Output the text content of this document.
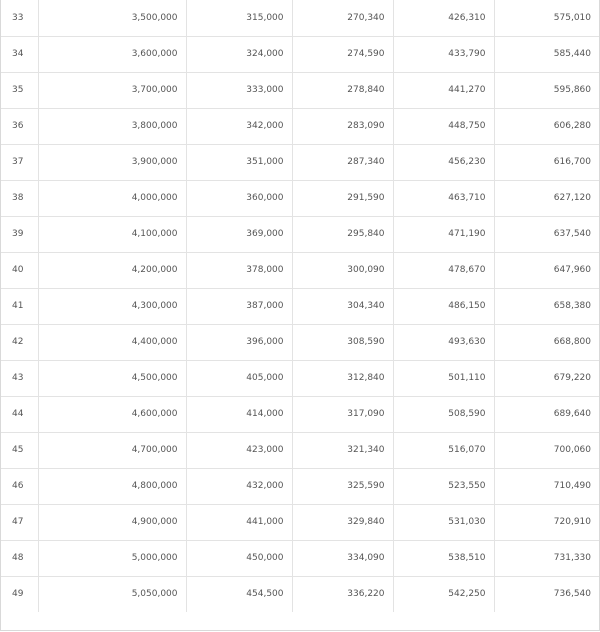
33	3,500,000	315,000	270,340	426,310	575,010
34	3,600,000	324,000	274,590	433,790	585,440
35	3,700,000	333,000	278,840	441,270	595,860
36	3,800,000	342,000	283,090	448,750	606,280
37	3,900,000	351,000	287,340	456,230	616,700
38	4,000,000	360,000	291,590	463,710	627,120
39	4,100,000	369,000	295,840	471,190	637,540
40	4,200,000	378,000	300,090	478,670	647,960
41	4,300,000	387,000	304,340	486,150	658,380
42	4,400,000	396,000	308,590	493,630	668,800
43	4,500,000	405,000	312,840	501,110	679,220
44	4,600,000	414,000	317,090	508,590	689,640
45	4,700,000	423,000	321,340	516,070	700,060
46	4,800,000	432,000	325,590	523,550	710,490
47	4,900,000	441,000	329,840	531,030	720,910
48	5,000,000	450,000	334,090	538,510	731,330
49	5,050,000	454,500	336,220	542,250	736,540
